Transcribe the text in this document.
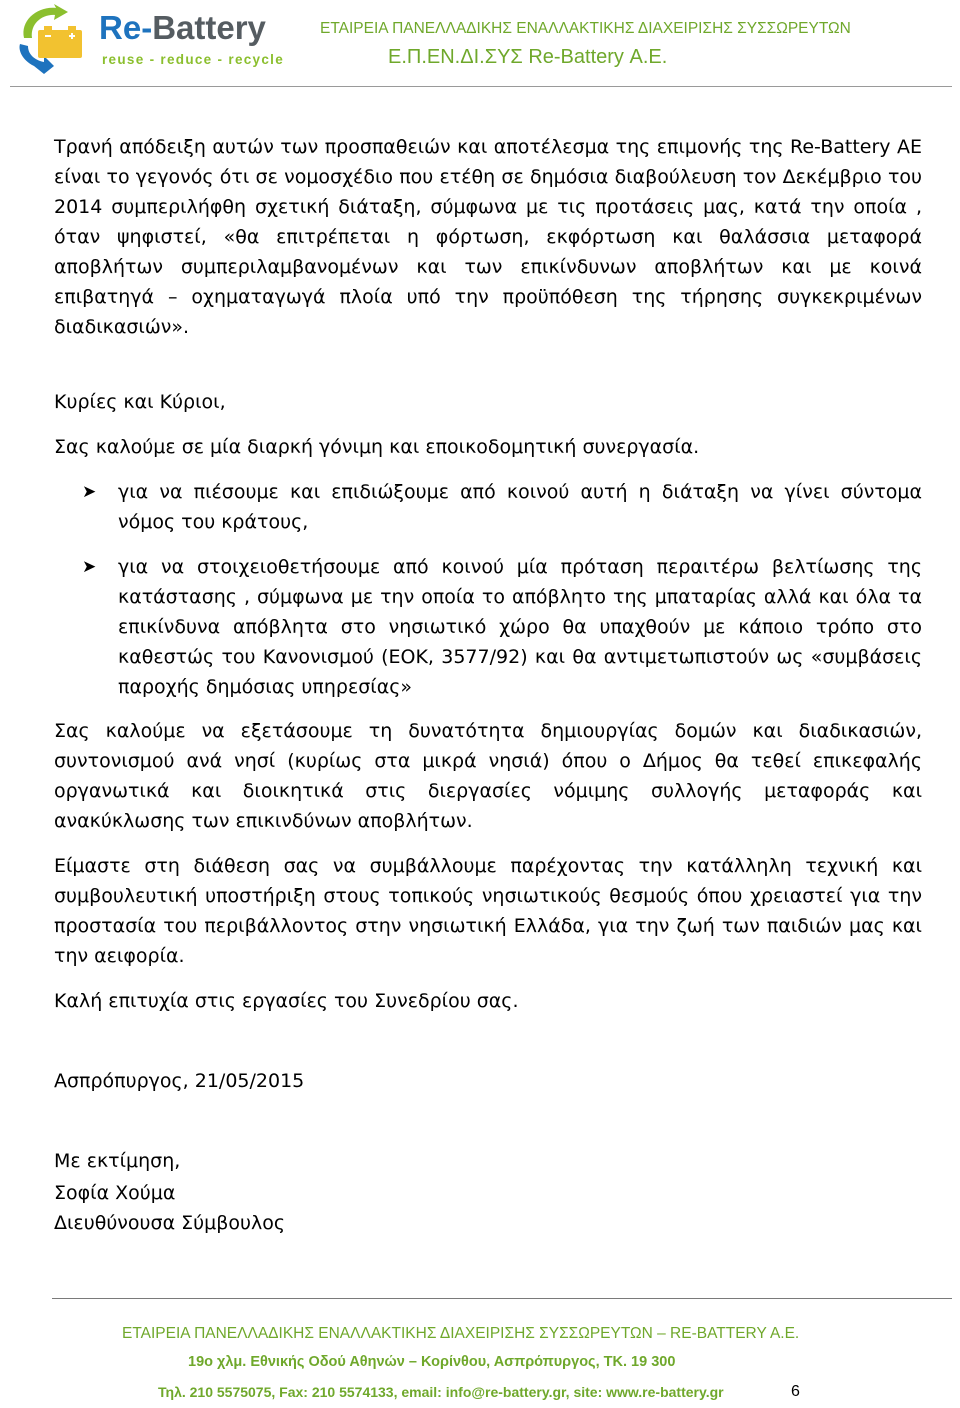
Re-Battery
reuse - reduce - recycle
ΕΤΑΙΡΕΙΑ ΠΑΝΕΛΛΑΔΙΚΗΣ ΕΝΑΛΛΑΚΤΙΚΗΣ ΔΙΑΧΕΙΡΙΣΗΣ ΣΥΣΣΩΡΕΥΤΩΝ
Ε.Π.ΕΝ.ΔΙ.ΣΥΣ Re-Battery Α.Ε.

Τρανή απόδειξη αυτών των προσπαθειών και αποτέλεσμα της επιμονής της Re-Battery ΑΕ είναι το γεγονός ότι σε νομοσχέδιο που ετέθη σε δημόσια διαβούλευση τον Δεκέμβριο του 2014 συμπεριλήφθη σχετική διάταξη, σύμφωνα με τις προτάσεις μας, κατά την οποία , όταν ψηφιστεί, «θα επιτρέπεται η φόρτωση, εκφόρτωση και θαλάσσια μεταφορά αποβλήτων συμπεριλαμβανομένων και των επικίνδυνων αποβλήτων και με κοινά επιβατηγά – οχηματαγωγά πλοία υπό την προϋπόθεση της τήρησης συγκεκριμένων διαδικασιών».

Κυρίες και Κύριοι,

Σας καλούμε σε μία διαρκή γόνιμη και εποικοδομητική συνεργασία.

➤ για να πιέσουμε και επιδιώξουμε από κοινού αυτή η διάταξη να γίνει σύντομα νόμος του κράτους,

➤ για να στοιχειοθετήσουμε από κοινού μία πρόταση περαιτέρω βελτίωσης της κατάστασης , σύμφωνα με την οποία το απόβλητο της μπαταρίας αλλά και όλα τα επικίνδυνα απόβλητα στο νησιωτικό χώρο θα υπαχθούν με κάποιο τρόπο στο καθεστώς του Κανονισμού (ΕΟΚ, 3577/92) και θα αντιμετωπιστούν ως «συμβάσεις παροχής δημόσιας υπηρεσίας»

Σας καλούμε να εξετάσουμε τη δυνατότητα δημιουργίας δομών και διαδικασιών, συντονισμού ανά νησί (κυρίως στα μικρά νησιά) όπου ο Δήμος θα τεθεί επικεφαλής οργανωτικά και διοικητικά στις διεργασίες νόμιμης συλλογής μεταφοράς και ανακύκλωσης των επικινδύνων αποβλήτων.

Είμαστε στη διάθεση σας να συμβάλλουμε παρέχοντας την κατάλληλη τεχνική και συμβουλευτική υποστήριξη στους τοπικούς νησιωτικούς θεσμούς όπου χρειαστεί για την προστασία του περιβάλλοντος στην νησιωτική Ελλάδα, για την ζωή των παιδιών μας και την αειφορία.

Καλή επιτυχία στις εργασίες του Συνεδρίου σας.

Ασπρόπυργος, 21/05/2015

Με εκτίμηση,

Σοφία Χούμα

Διευθύνουσα Σύμβουλος

ΕΤΑΙΡΕΙΑ ΠΑΝΕΛΛΑΔΙΚΗΣ ΕΝΑΛΛΑΚΤΙΚΗΣ ΔΙΑΧΕΙΡΙΣΗΣ ΣΥΣΣΩΡΕΥΤΩΝ – RE-BATTERY A.E.
19ο χλμ. Εθνικής Οδού Αθηνών – Κορίνθου, Ασπρόπυργος, ΤΚ. 19 300
Τηλ. 210 5575075, Fax: 210 5574133, email: info@re-battery.gr, site: www.re-battery.gr	6
